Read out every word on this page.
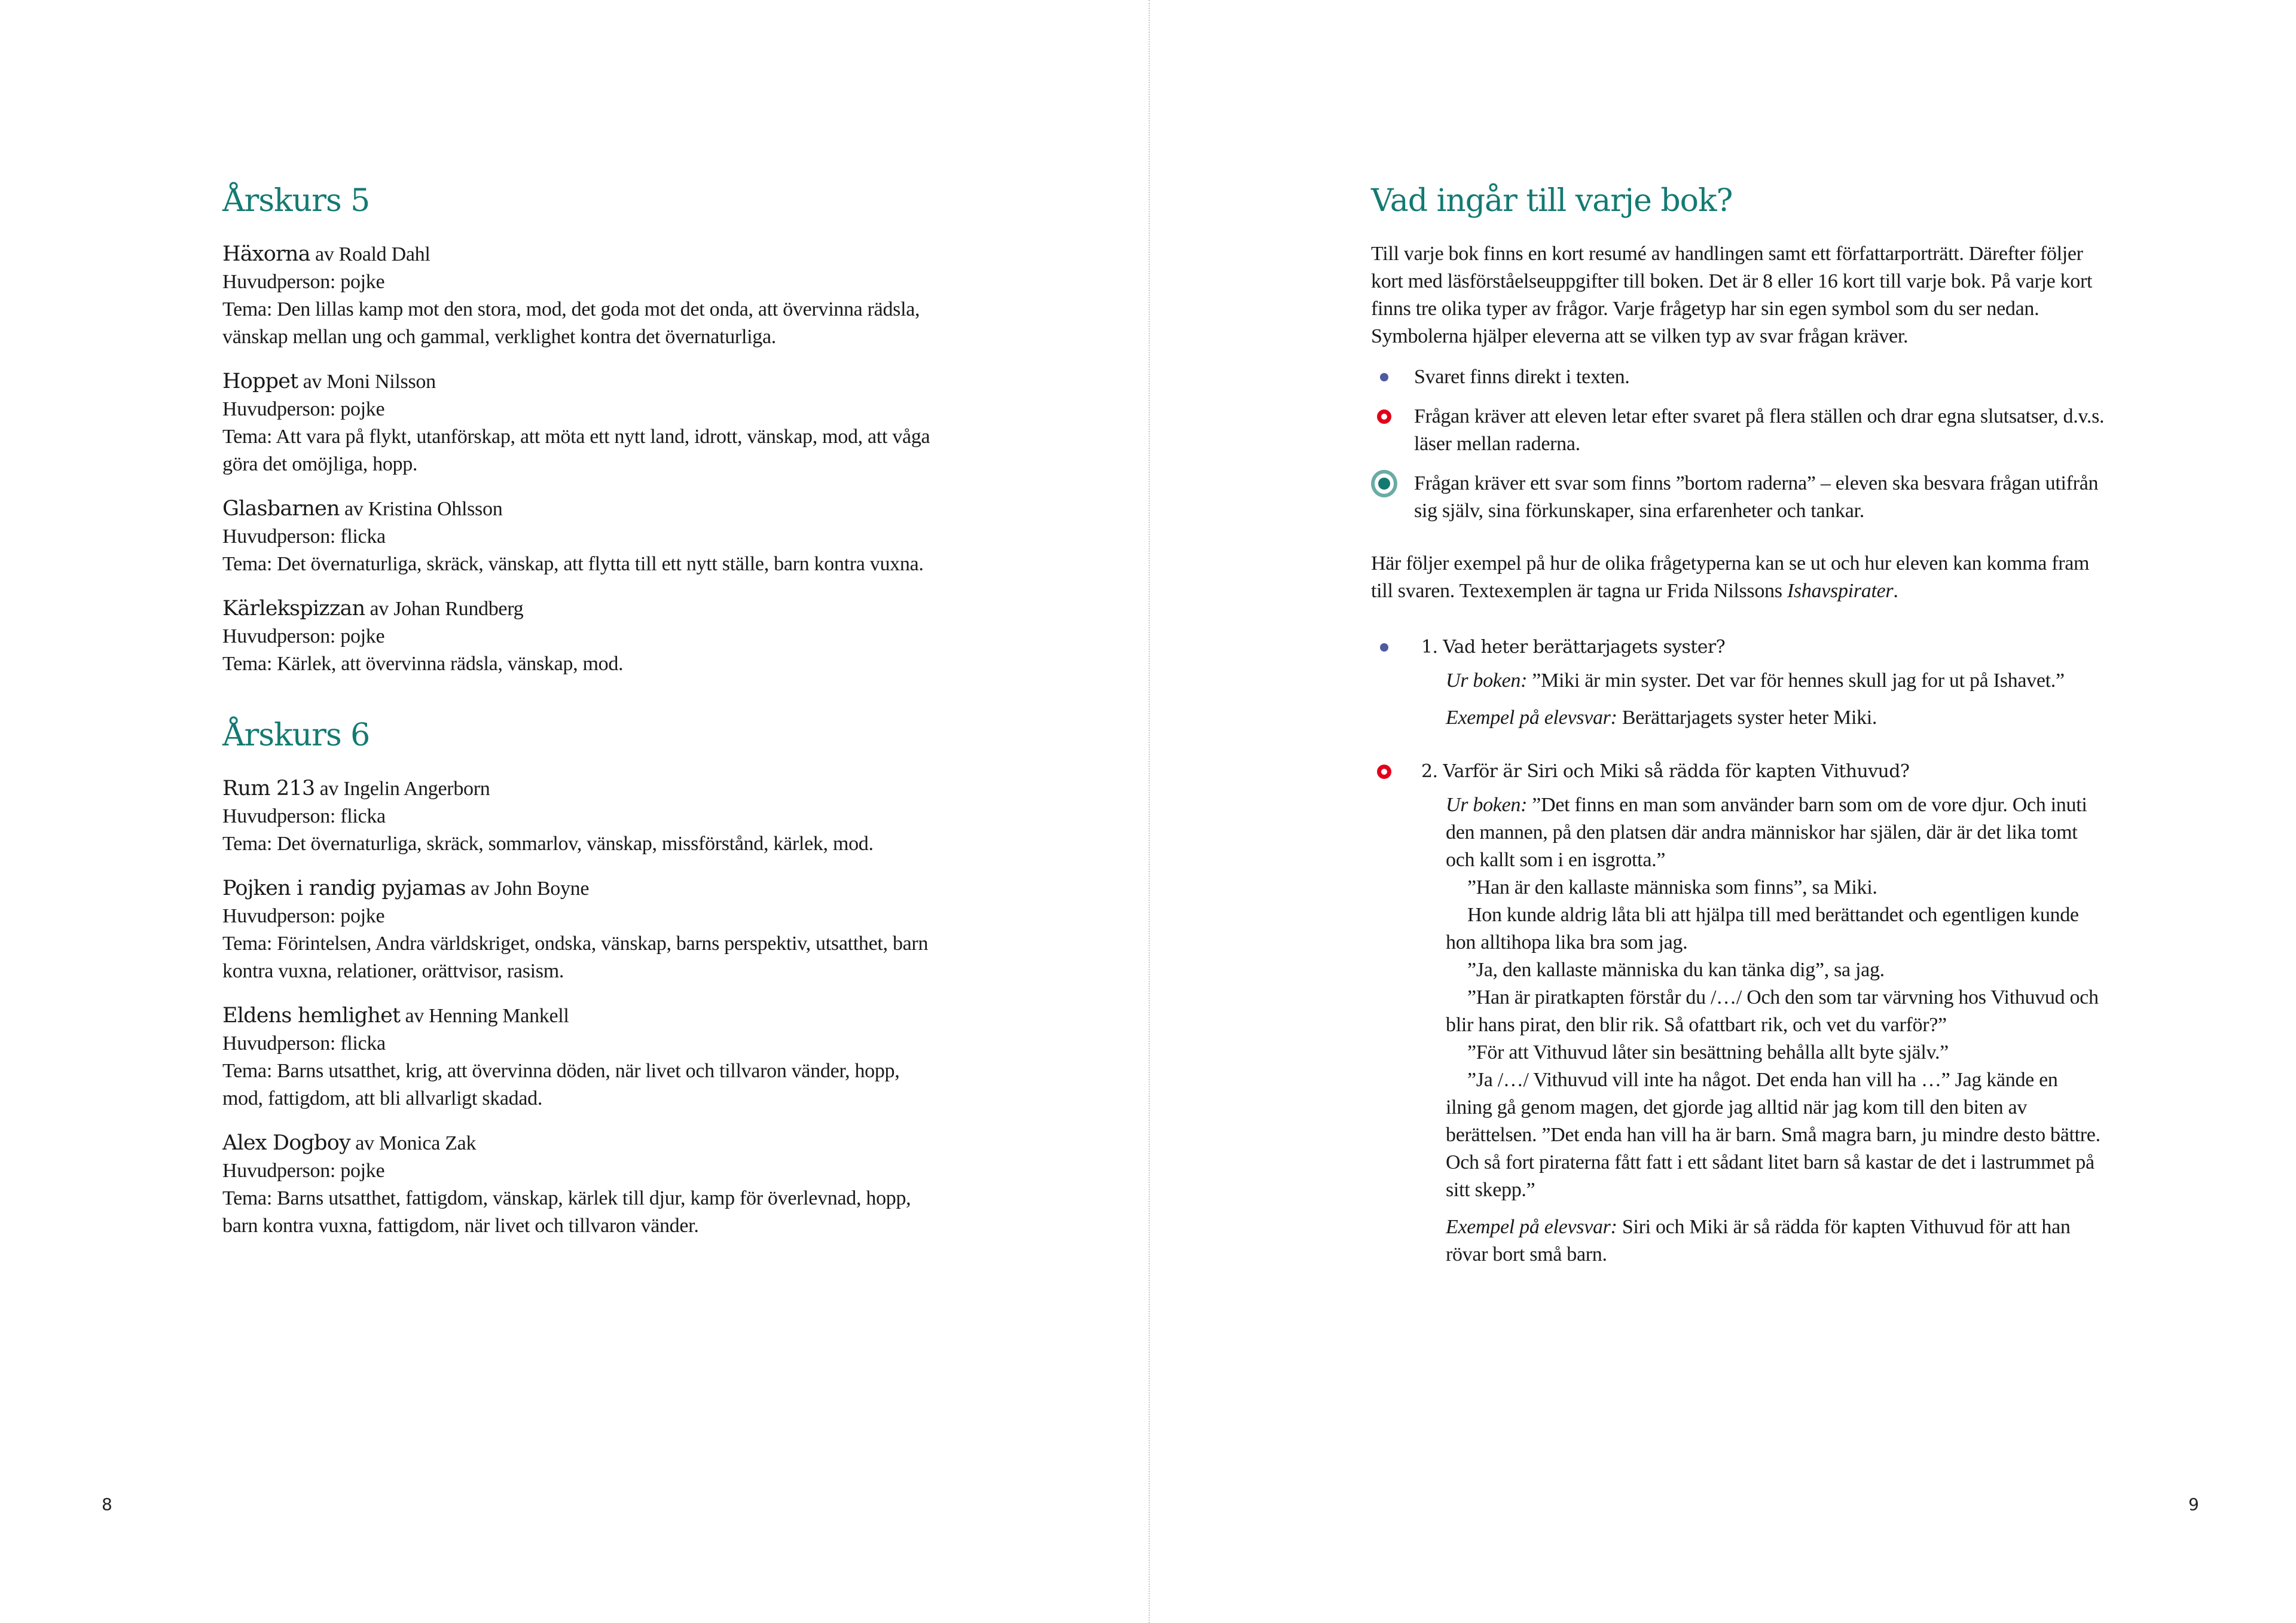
Årskurs 5
Häxorna av Roald Dahl

Huvudperson: pojke

Tema: Den lillas kamp mot den stora, mod, det goda mot det onda, att övervinna rädsla, vänskap mellan ung och gammal, verklighet kontra det övernaturliga.

Hoppet av Moni Nilsson

Huvudperson: pojke

Tema: Att vara på flykt, utanförskap, att möta ett nytt land, idrott, vänskap, mod, att våga göra det omöjliga, hopp.

Glasbarnen av Kristina Ohlsson

Huvudperson: flicka

Tema: Det övernaturliga, skräck, vänskap, att flytta till ett nytt ställe, barn kontra vuxna.

Kärlekspizzan av Johan Rundberg

Huvudperson: pojke

Tema: Kärlek, att övervinna rädsla, vänskap, mod.

Årskurs 6
Rum 213 av Ingelin Angerborn

Huvudperson: flicka

Tema: Det övernaturliga, skräck, sommarlov, vänskap, missförstånd, kärlek, mod.

Pojken i randig pyjamas av John Boyne

Huvudperson: pojke

Tema: Förintelsen, Andra världskriget, ondska, vänskap, barns perspektiv, utsatthet, barn kontra vuxna, relationer, orättvisor, rasism.

Eldens hemlighet av Henning Mankell

Huvudperson: flicka

Tema: Barns utsatthet, krig, att övervinna döden, när livet och tillvaron vänder, hopp, mod, fattigdom, att bli allvarligt skadad.

Alex Dogboy av Monica Zak

Huvudperson: pojke

Tema: Barns utsatthet, fattigdom, vänskap, kärlek till djur, kamp för överlevnad, hopp, barn kontra vuxna, fattigdom, när livet och tillvaron vänder.

8
Vad ingår till varje bok?

Till varje bok finns en kort resumé av handlingen samt ett författarporträtt. Därefter följer kort med läsförståelseuppgifter till boken. Det är 8 eller 16 kort till varje bok. På varje kort finns tre olika typer av frågor. Varje frågetyp har sin egen symbol som du ser nedan. Symbolerna hjälper eleverna att se vilken typ av svar frågan kräver.

Svaret finns direkt i texten.

Frågan kräver att eleven letar efter svaret på flera ställen och drar egna slutsatser, d.v.s. läser mellan raderna.

Frågan kräver ett svar som finns ”bortom raderna” – eleven ska besvara frågan utifrån sig själv, sina förkunskaper, sina erfarenheter och tankar.

Här följer exempel på hur de olika frågetyperna kan se ut och hur eleven kan komma fram till svaren. Textexemplen är tagna ur Frida Nilssons Ishavspirater.

1. Vad heter berättarjagets syster?

Ur boken: ”Miki är min syster. Det var för hennes skull jag for ut på Ishavet.”

Exempel på elevsvar: Berättarjagets syster heter Miki.

2. Varför är Siri och Miki så rädda för kapten Vithuvud?

Ur boken: ”Det finns en man som använder barn som om de vore djur. Och inuti den mannen, på den platsen där andra människor har själen, där är det lika tomt och kallt som i en isgrotta.”

”Han är den kallaste människa som finns”, sa Miki.

Hon kunde aldrig låta bli att hjälpa till med berättandet och egentligen kunde hon alltihopa lika bra som jag.

”Ja, den kallaste människa du kan tänka dig”, sa jag.

”Han är piratkapten förstår du /…/ Och den som tar värvning hos Vithuvud och blir hans pirat, den blir rik. Så ofattbart rik, och vet du varför?”

”För att Vithuvud låter sin besättning behålla allt byte själv.”

”Ja /…/ Vithuvud vill inte ha något. Det enda han vill ha …” Jag kände en ilning gå genom magen, det gjorde jag alltid när jag kom till den biten av berättelsen. ”Det enda han vill ha är barn. Små magra barn, ju mindre desto bättre. Och så fort piraterna fått fatt i ett sådant litet barn så kastar de det i lastrummet på sitt skepp.”

Exempel på elevsvar: Siri och Miki är så rädda för kapten Vithuvud för att han rövar bort små barn.

9
